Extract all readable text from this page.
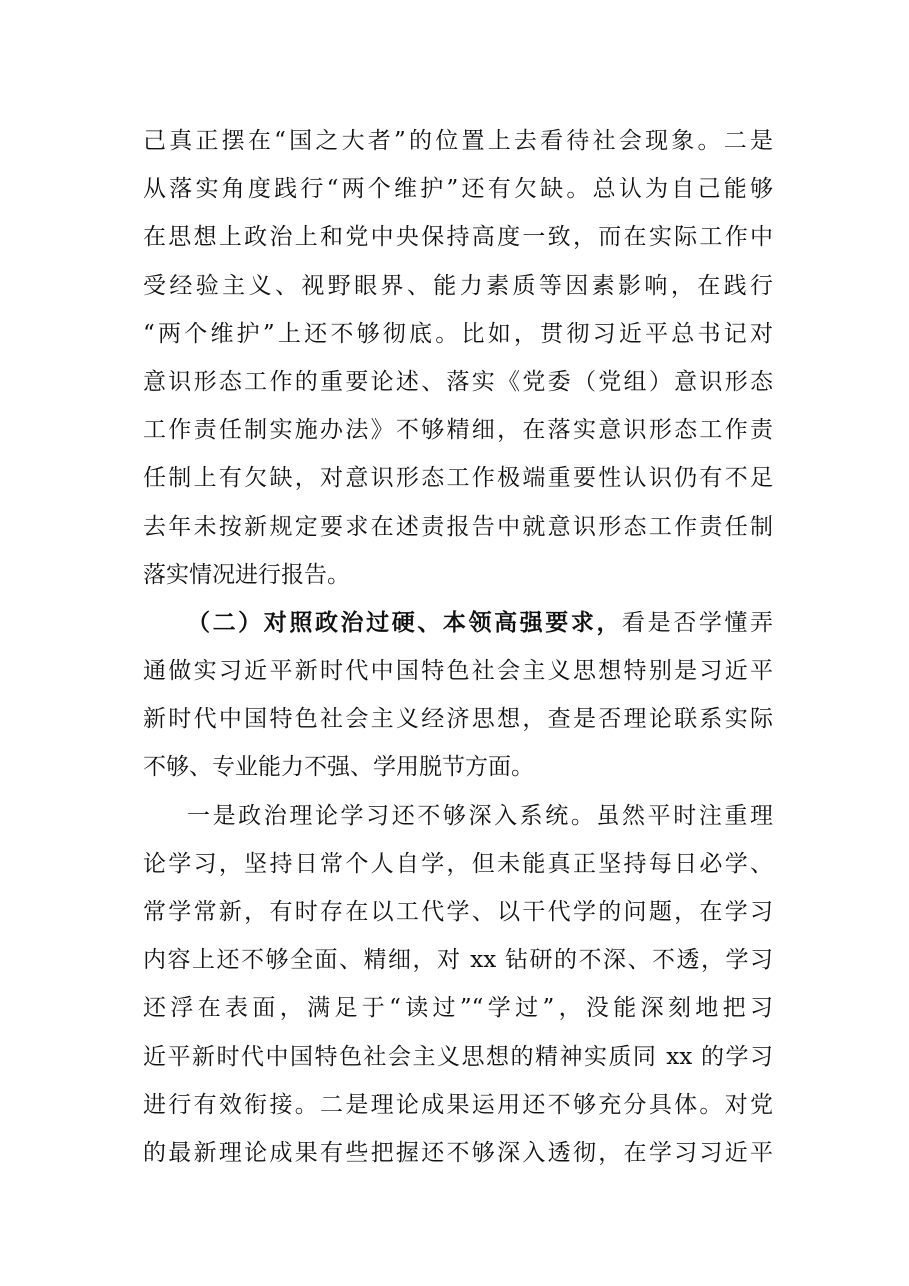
己真正摆在“国之大者”的位置上去看待社会现象。二是
从落实角度践行“两个维护”还有欠缺。总认为自己能够
在思想上政治上和党中央保持高度一致，而在实际工作中
受经验主义、视野眼界、能力素质等因素影响，在践行
“两个维护”上还不够彻底。比如，贯彻习近平总书记对
意识形态工作的重要论述、落实《党委（党组）意识形态
工作责任制实施办法》不够精细，在落实意识形态工作责
任制上有欠缺，对意识形态工作极端重要性认识仍有不足
去年未按新规定要求在述责报告中就意识形态工作责任制
落实情况进行报告。
（二）对照政治过硬、本领高强要求，看是否学懂弄
通做实习近平新时代中国特色社会主义思想特别是习近平
新时代中国特色社会主义经济思想，查是否理论联系实际
不够、专业能力不强、学用脱节方面。
一是政治理论学习还不够深入系统。虽然平时注重理
论学习，坚持日常个人自学，但未能真正坚持每日必学、
常学常新，有时存在以工代学、以干代学的问题，在学习
内容上还不够全面、精细，对 xx 钻研的不深、不透，学习
还浮在表面，满足于“读过”“学过”，没能深刻地把习
近平新时代中国特色社会主义思想的精神实质同 xx 的学习
进行有效衔接。二是理论成果运用还不够充分具体。对党
的最新理论成果有些把握还不够深入透彻，在学习习近平
